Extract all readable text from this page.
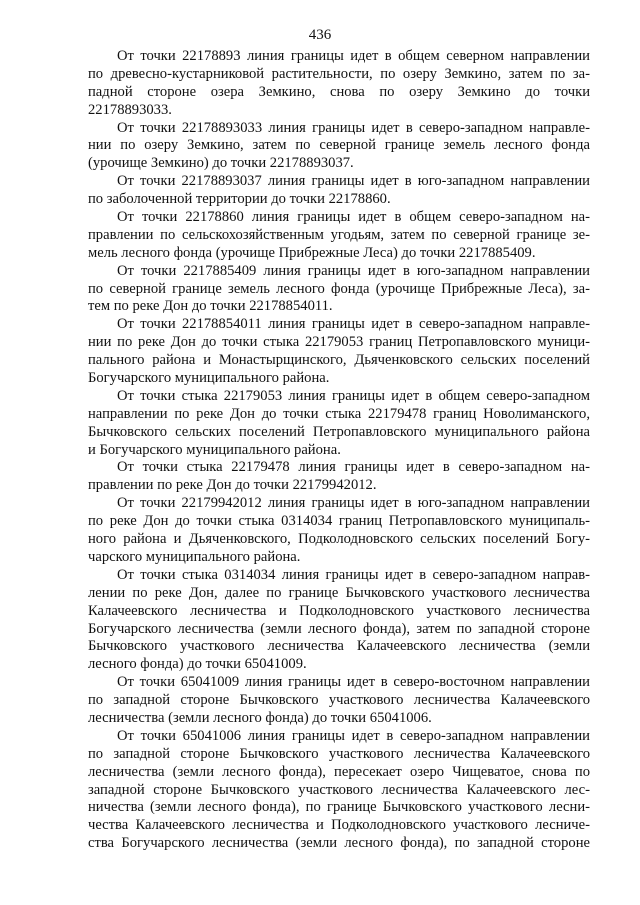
436
От точки 22178893 линия границы идет в общем северном направлении
по древесно-кустарниковой растительности, по озеру Земкино, затем по за-
падной стороне озера Земкино, снова по озеру Земкино до точки
22178893033.
От точки 22178893033 линия границы идет в северо-западном направле-
нии по озеру Земкино, затем по северной границе земель лесного фонда
(урочище Земкино) до точки 22178893037.
От точки 22178893037 линия границы идет в юго-западном направлении
по заболоченной территории до точки 22178860.
От точки 22178860 линия границы идет в общем северо-западном на-
правлении по сельскохозяйственным угодьям, затем по северной границе зе-
мель лесного фонда (урочище Прибрежные Леса) до точки 2217885409.
От точки 2217885409 линия границы идет в юго-западном направлении
по северной границе земель лесного фонда (урочище Прибрежные Леса), за-
тем по реке Дон до точки 22178854011.
От точки 22178854011 линия границы идет в северо-западном направле-
нии по реке Дон до точки стыка 22179053 границ Петропавловского муници-
пального района и Монастырщинского, Дьяченковского сельских поселений
Богучарского муниципального района.
От точки стыка 22179053 линия границы идет в общем северо-западном
направлении по реке Дон до точки стыка 22179478 границ Новолиманского,
Бычковского сельских поселений Петропавловского муниципального района
и Богучарского муниципального района.
От точки стыка 22179478 линия границы идет в северо-западном на-
правлении по реке Дон до точки 22179942012.
От точки 22179942012 линия границы идет в юго-западном направлении
по реке Дон до точки стыка 0314034 границ Петропавловского муниципаль-
ного района и Дьяченковского, Подколодновского сельских поселений Богу-
чарского муниципального района.
От точки стыка 0314034 линия границы идет в северо-западном направ-
лении по реке Дон, далее по границе Бычковского участкового лесничества
Калачеевского лесничества и Подколодновского участкового лесничества
Богучарского лесничества (земли лесного фонда), затем по западной стороне
Бычковского участкового лесничества Калачеевского лесничества (земли
лесного фонда) до точки 65041009.
От точки 65041009 линия границы идет в северо-восточном направлении
по западной стороне Бычковского участкового лесничества Калачеевского
лесничества (земли лесного фонда) до точки 65041006.
От точки 65041006 линия границы идет в северо-западном направлении
по западной стороне Бычковского участкового лесничества Калачеевского
лесничества (земли лесного фонда), пересекает озеро Чищеватое, снова по
западной стороне Бычковского участкового лесничества Калачеевского лес-
ничества (земли лесного фонда), по границе Бычковского участкового лесни-
чества Калачеевского лесничества и Подколодновского участкового лесниче-
ства Богучарского лесничества (земли лесного фонда), по западной стороне
